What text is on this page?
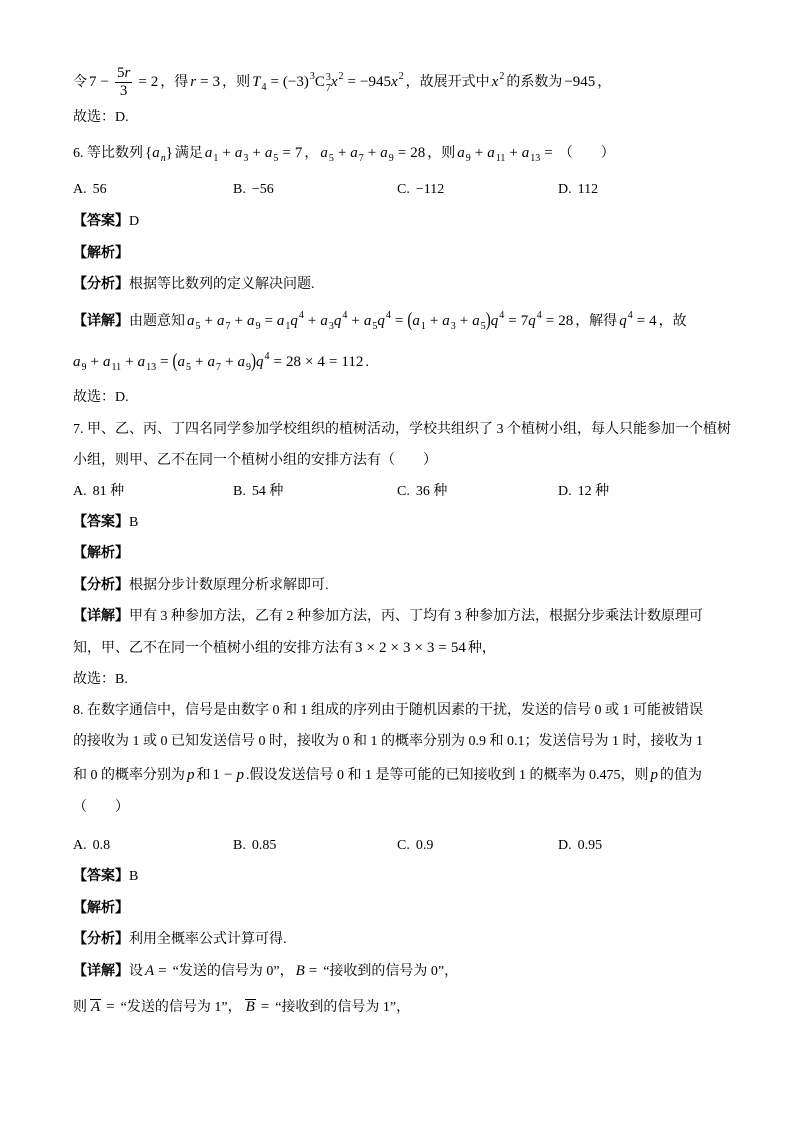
令 $7 - \frac{5r}{3} = 2$ ，得 r = 3 ，则 $T_4 = (-3)^3C$ 3
7 $x^2 = -945x^2$ ，故展开式中 $x^2$ 的系数为 −945 ，
故选：D.
6. 等比数列 $\{a_n\}$ 满足 $a_1 + a_3 + a_5 = 7$ ， $a_5 + a_7 + a_9 = 28$ ，则 $a_9 + a_{11} + a_{13}$ = （　　）
A. 56	B. −56	C. −112	D. 112
【答案】D
【解析】
【分析】根据等比数列的定义解决问题.
【详解】由题意知 $a_5 + a_7 + a_9 = a_1q^4 + a_3q^4 + a_5q^4 = (a_1 + a_3 + a_5)q^4 = 7q^4 = 28$ ，解得 $q^4 = 4$ ，故
$a_9 + a_{11} + a_{13} = (a_5 + a_7 + a_9)q^4 = 28 \times 4 = 112$ .
故选：D.
7. 甲、乙、丙、丁四名同学参加学校组织的植树活动，学校共组织了 3 个植树小组，每人只能参加一个植树
小组，则甲、乙不在同一个植树小组的安排方法有（　　）
A. 81 种	B. 54 种	C. 36 种	D. 12 种
【答案】B
【解析】
【分析】根据分步计数原理分析求解即可.
【详解】甲有 3 种参加方法，乙有 2 种参加方法，丙、丁均有 3 种参加方法，根据分步乘法计数原理可
知，甲、乙不在同一个植树小组的安排方法有 3 × 2 × 3 × 3 = 54 种，
故选：B.
8. 在数字通信中，信号是由数字 0 和 1 组成的序列由于随机因素的干扰，发送的信号 0 或 1 可能被错误
的接收为 1 或 0 已知发送信号 0 时，接收为 0 和 1 的概率分别为 0.9 和 0.1；发送信号为 1 时，接收为 1
和 0 的概率分别为 p 和 1 − p .假设发送信号 0 和 1 是等可能的已知接收到 1 的概率为 0.475，则 p 的值为
（　　）
A. 0.8	B. 0.85	C. 0.9	D. 0.95
【答案】B
【解析】
【分析】利用全概率公式计算可得.
【详解】设 A = “发送的信号为 0”， B = “接收到的信号为 0”，
则 A = “发送的信号为 1”， B = “接收到的信号为 1”，
